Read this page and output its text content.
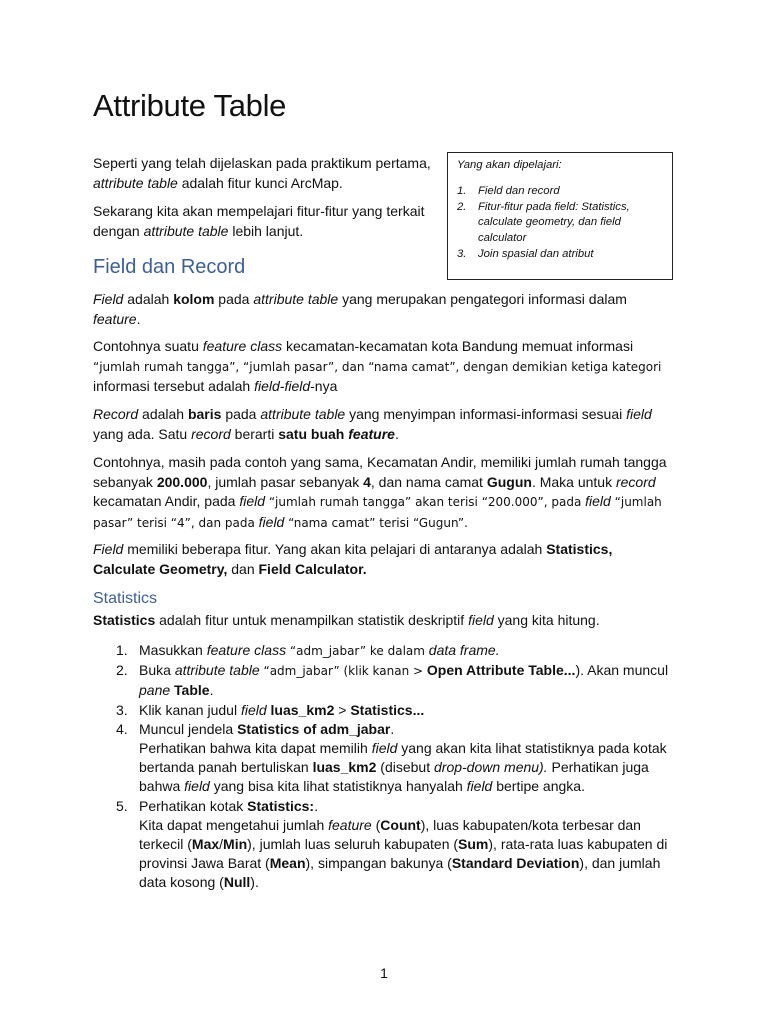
Attribute Table

Seperti yang telah dijelaskan pada praktikum pertama, attribute table adalah fitur kunci ArcMap.

Sekarang kita akan mempelajari fitur-fitur yang terkait dengan attribute table lebih lanjut.

Yang akan dipelajari:
1.	Field dan record
2.	Fitur-fitur pada field: Statistics, calculate geometry, dan field calculator
3.	Join spasial dan atribut
Field dan Record

Field adalah kolom pada attribute table yang merupakan pengategori informasi dalam feature.

Contohnya suatu feature class kecamatan-kecamatan kota Bandung memuat informasi “jumlah rumah tangga”, “jumlah pasar”, dan “nama camat”, dengan demikian ketiga kategori informasi tersebut adalah field-field-nya

Record adalah baris pada attribute table yang menyimpan informasi-informasi sesuai field yang ada. Satu record berarti satu buah feature.

Contohnya, masih pada contoh yang sama, Kecamatan Andir, memiliki jumlah rumah tangga sebanyak 200.000, jumlah pasar sebanyak 4, dan nama camat Gugun. Maka untuk record kecamatan Andir, pada field “jumlah rumah tangga” akan terisi “200.000”, pada field “jumlah pasar” terisi “4”, dan pada field “nama camat” terisi “Gugun”.

Field memiliki beberapa fitur. Yang akan kita pelajari di antaranya adalah Statistics, Calculate Geometry, dan Field Calculator.

Statistics

Statistics adalah fitur untuk menampilkan statistik deskriptif field yang kita hitung.

1. Masukkan feature class “adm_jabar” ke dalam data frame.
2. Buka attribute table “adm_jabar” (klik kanan > Open Attribute Table...). Akan muncul pane Table.
3. Klik kanan judul field luas_km2 > Statistics...
4. Muncul jendela Statistics of adm_jabar.
Perhatikan bahwa kita dapat memilih field yang akan kita lihat statistiknya pada kotak bertanda panah bertuliskan luas_km2 (disebut drop-down menu). Perhatikan juga bahwa field yang bisa kita lihat statistiknya hanyalah field bertipe angka.
5. Perhatikan kotak Statistics:.
Kita dapat mengetahui jumlah feature (Count), luas kabupaten/kota terbesar dan terkecil (Max/Min), jumlah luas seluruh kabupaten (Sum), rata-rata luas kabupaten di provinsi Jawa Barat (Mean), simpangan bakunya (Standard Deviation), dan jumlah data kosong (Null).
1
